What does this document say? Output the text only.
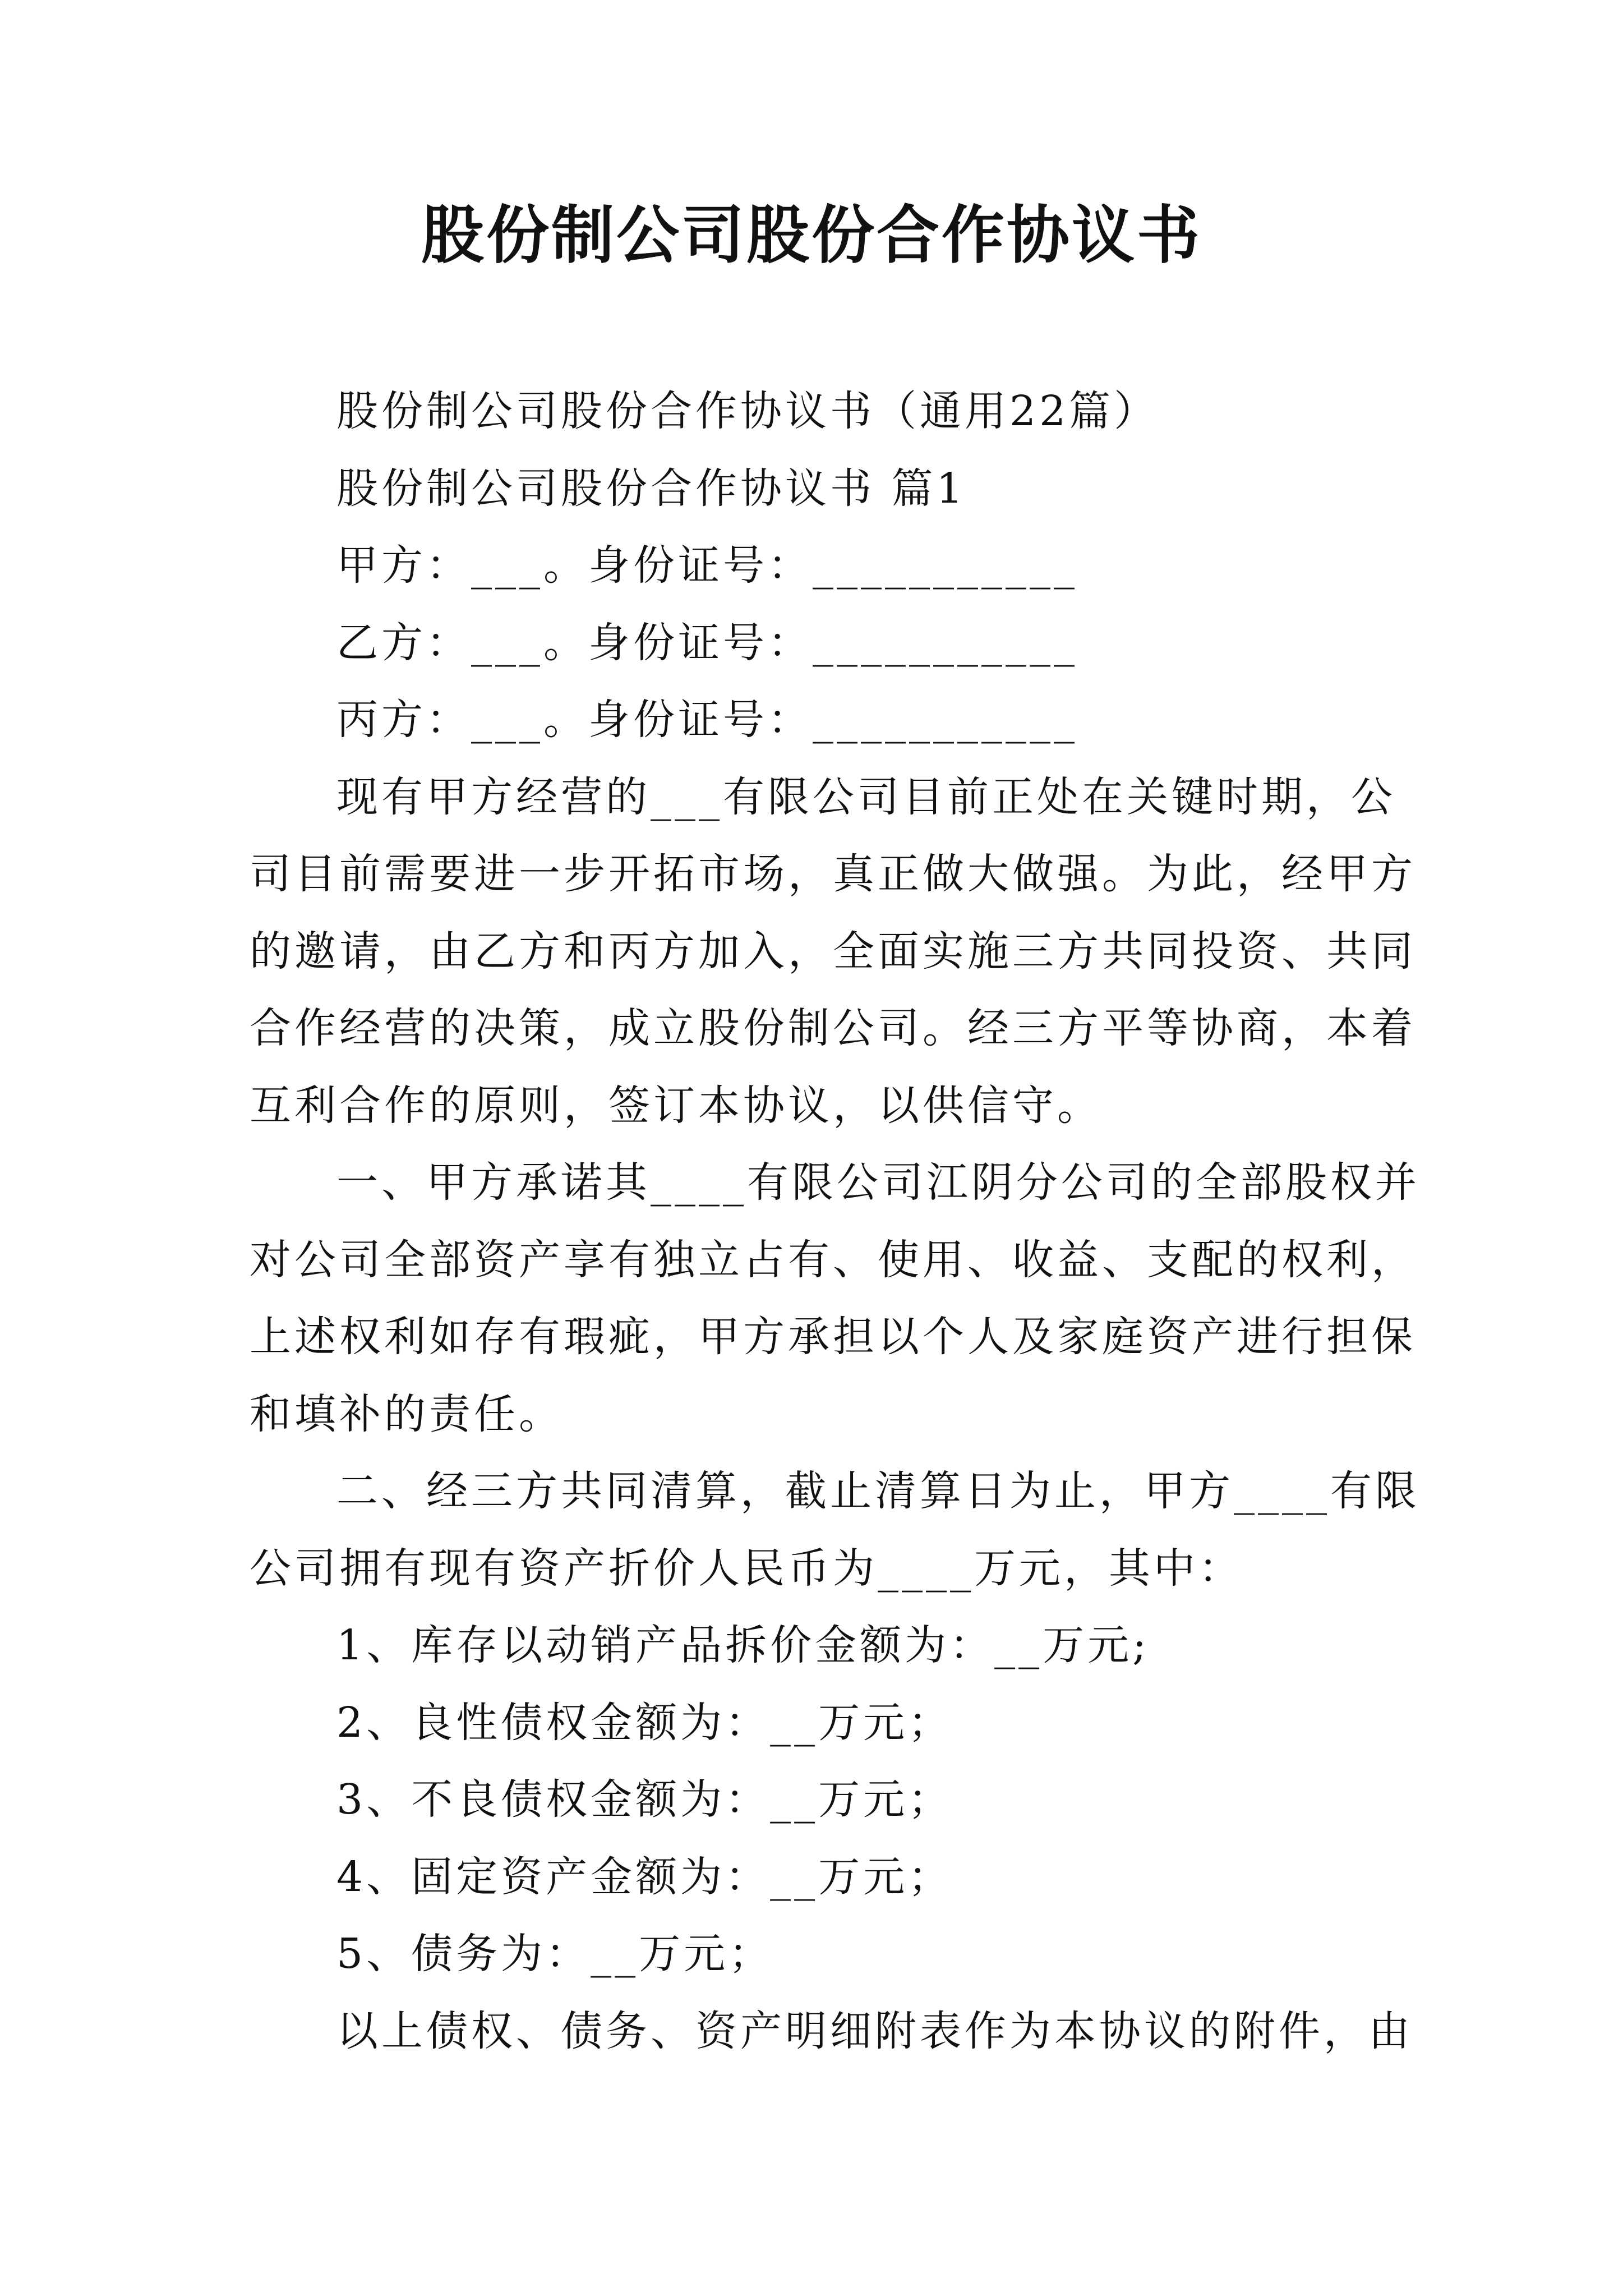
股份制公司股份合作协议书
股份制公司股份合作协议书（通用22篇）
股份制公司股份合作协议书 篇1
甲方：___。身份证号：___________
乙方：___。身份证号：___________
丙方：___。身份证号：___________
现有甲方经营的___有限公司目前正处在关键时期，公
司目前需要进一步开拓市场，真正做大做强。为此，经甲方
的邀请，由乙方和丙方加入，全面实施三方共同投资、共同
合作经营的决策，成立股份制公司。经三方平等协商，本着
互利合作的原则，签订本协议，以供信守。
一、甲方承诺其____有限公司江阴分公司的全部股权并
对公司全部资产享有独立占有、使用、收益、支配的权利，
上述权利如存有瑕疵，甲方承担以个人及家庭资产进行担保
和填补的责任。
二、经三方共同清算，截止清算日为止，甲方____有限
公司拥有现有资产折价人民币为____万元，其中：
1、库存以动销产品拆价金额为：__万元;
2、良性债权金额为：__万元；
3、不良债权金额为：__万元；
4、固定资产金额为：__万元；
5、债务为：__万元；
以上债权、债务、资产明细附表作为本协议的附件，由
